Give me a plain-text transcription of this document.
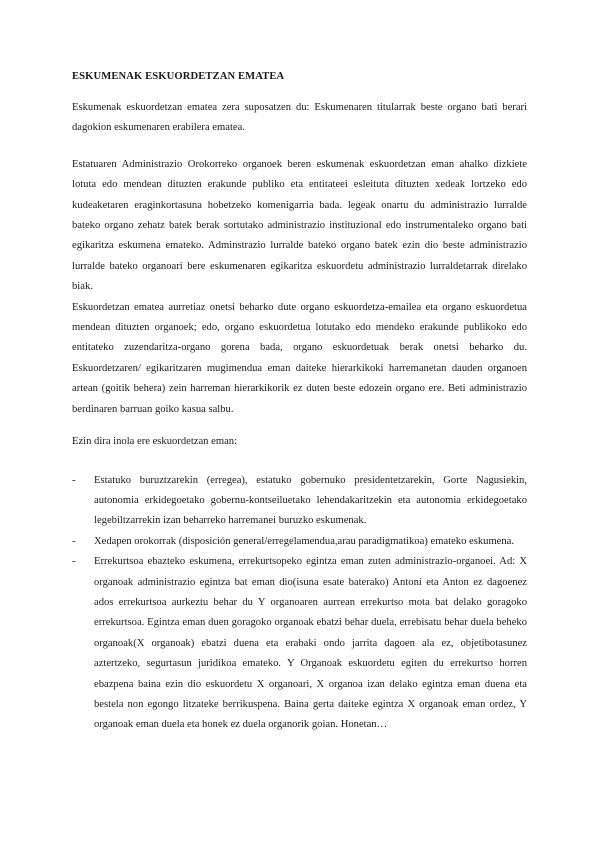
ESKUMENAK ESKUORDETZAN EMATEA

Eskumenak eskuordetzan ematea zera suposatzen du: Eskumenaren titularrak beste organo bati berari dagokion eskumenaren erabilera ematea.

Estatuaren Administrazio Orokorreko organoek beren eskumenak eskuordetzan eman ahalko dizkiete lotuta edo mendean dituzten erakunde publiko eta entitateei esleituta dituzten xedeak lortzeko edo kudeaketaren eraginkortasuna hobetzeko komenigarria bada. legeak onartu du administrazio lurralde bateko organo zehatz batek berak sortutako administrazio instituzional edo instrumentaleko organo bati egikaritza eskumena emateko. Adminstrazio lurralde bateko organo batek ezin dio beste administrazio lurralde bateko organoari bere eskumenaren egikaritza eskuordetu administrazio lurraldetarrak direlako biak.

Eskuordetzan ematea aurretiaz onetsi beharko dute organo eskuordetza-emailea eta organo eskuordetua mendean dituzten organoek; edo, organo eskuordetua lotutako edo mendeko erakunde publikoko edo entitateko zuzendaritza-organo gorena bada, organo eskuordetuak berak onetsi beharko du. Eskuordetzaren/ egikaritzaren mugimendua eman daiteke hierarkikoki harremanetan dauden organoen artean (goitik behera) zein harreman hierarkikorik ez duten beste edozein organo ere. Beti administrazio berdinaren barruan goiko kasua salbu.

Ezin dira inola ere eskuordetzan eman:

- Estatuko buruztzarekin (erregea), estatuko gobernuko presidentetzarekin, Gorte Nagusiekin, autonomia erkidegoetako gobernu-kontseiluetako lehendakaritzekin eta autonomia erkidegoetako legebiltzarrekin izan beharreko harremanei buruzko eskumenak.
- Xedapen orokorrak (disposición general/erregelamendua,arau paradigmatikoa) emateko eskumena.
- Errekurtsoa ebazteko eskumena, errekurtsopeko egintza eman zuten administrazio-organoei. Ad: X organoak administrazio egintza bat eman dio(isuna esate baterako) Antoni eta Anton ez dagoenez ados errekurtsoa aurkeztu behar du Y organoaren aurrean errekurtso mota bat delako goragoko errekurtsoa. Egintza eman duen goragoko organoak ebatzi behar duela, errebisatu behar duela beheko organoak(X organoak) ebatzi duena eta erabaki ondo jarrita dagoen ala ez, objetibotasunez aztertzeko, segurtasun juridikoa emateko. Y Organoak eskuordetu egiten du errekurtso horren ebazpena baina ezin dio eskuordetu X organoari, X organoa izan delako egintza eman duena eta bestela non egongo litzateke berrikuspena. Baina gerta daiteke egintza X organoak eman ordez, Y organoak eman duela eta honek ez duela organorik goian. Honetan…
